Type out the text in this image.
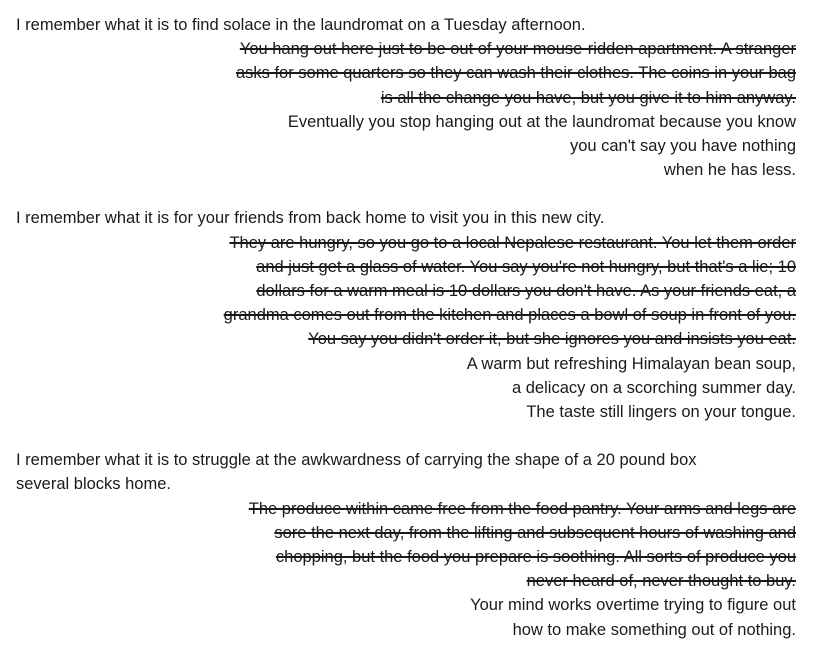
I remember what it is to find solace in the laundromat on a Tuesday afternoon.
You hang out here just to be out of your mouse-ridden apartment. A stranger
asks for some quarters so they can wash their clothes. The coins in your bag
is all the change you have, but you give it to him anyway.
Eventually you stop hanging out at the laundromat because you know
you can't say you have nothing
when he has less.
I remember what it is for your friends from back home to visit you in this new city.
They are hungry, so you go to a local Nepalese restaurant. You let them order
and just get a glass of water. You say you're not hungry, but that's a lie; 10
dollars for a warm meal is 10 dollars you don't have. As your friends eat, a
grandma comes out from the kitchen and places a bowl of soup in front of you.
You say you didn't order it, but she ignores you and insists you eat.
A warm but refreshing Himalayan bean soup,
a delicacy on a scorching summer day.
The taste still lingers on your tongue.
I remember what it is to struggle at the awkwardness of carrying the shape of a 20 pound box
several blocks home.
The produce within came free from the food pantry. Your arms and legs are
sore the next day, from the lifting and subsequent hours of washing and
chopping, but the food you prepare is soothing. All sorts of produce you
never heard of, never thought to buy.
Your mind works overtime trying to figure out
how to make something out of nothing.
